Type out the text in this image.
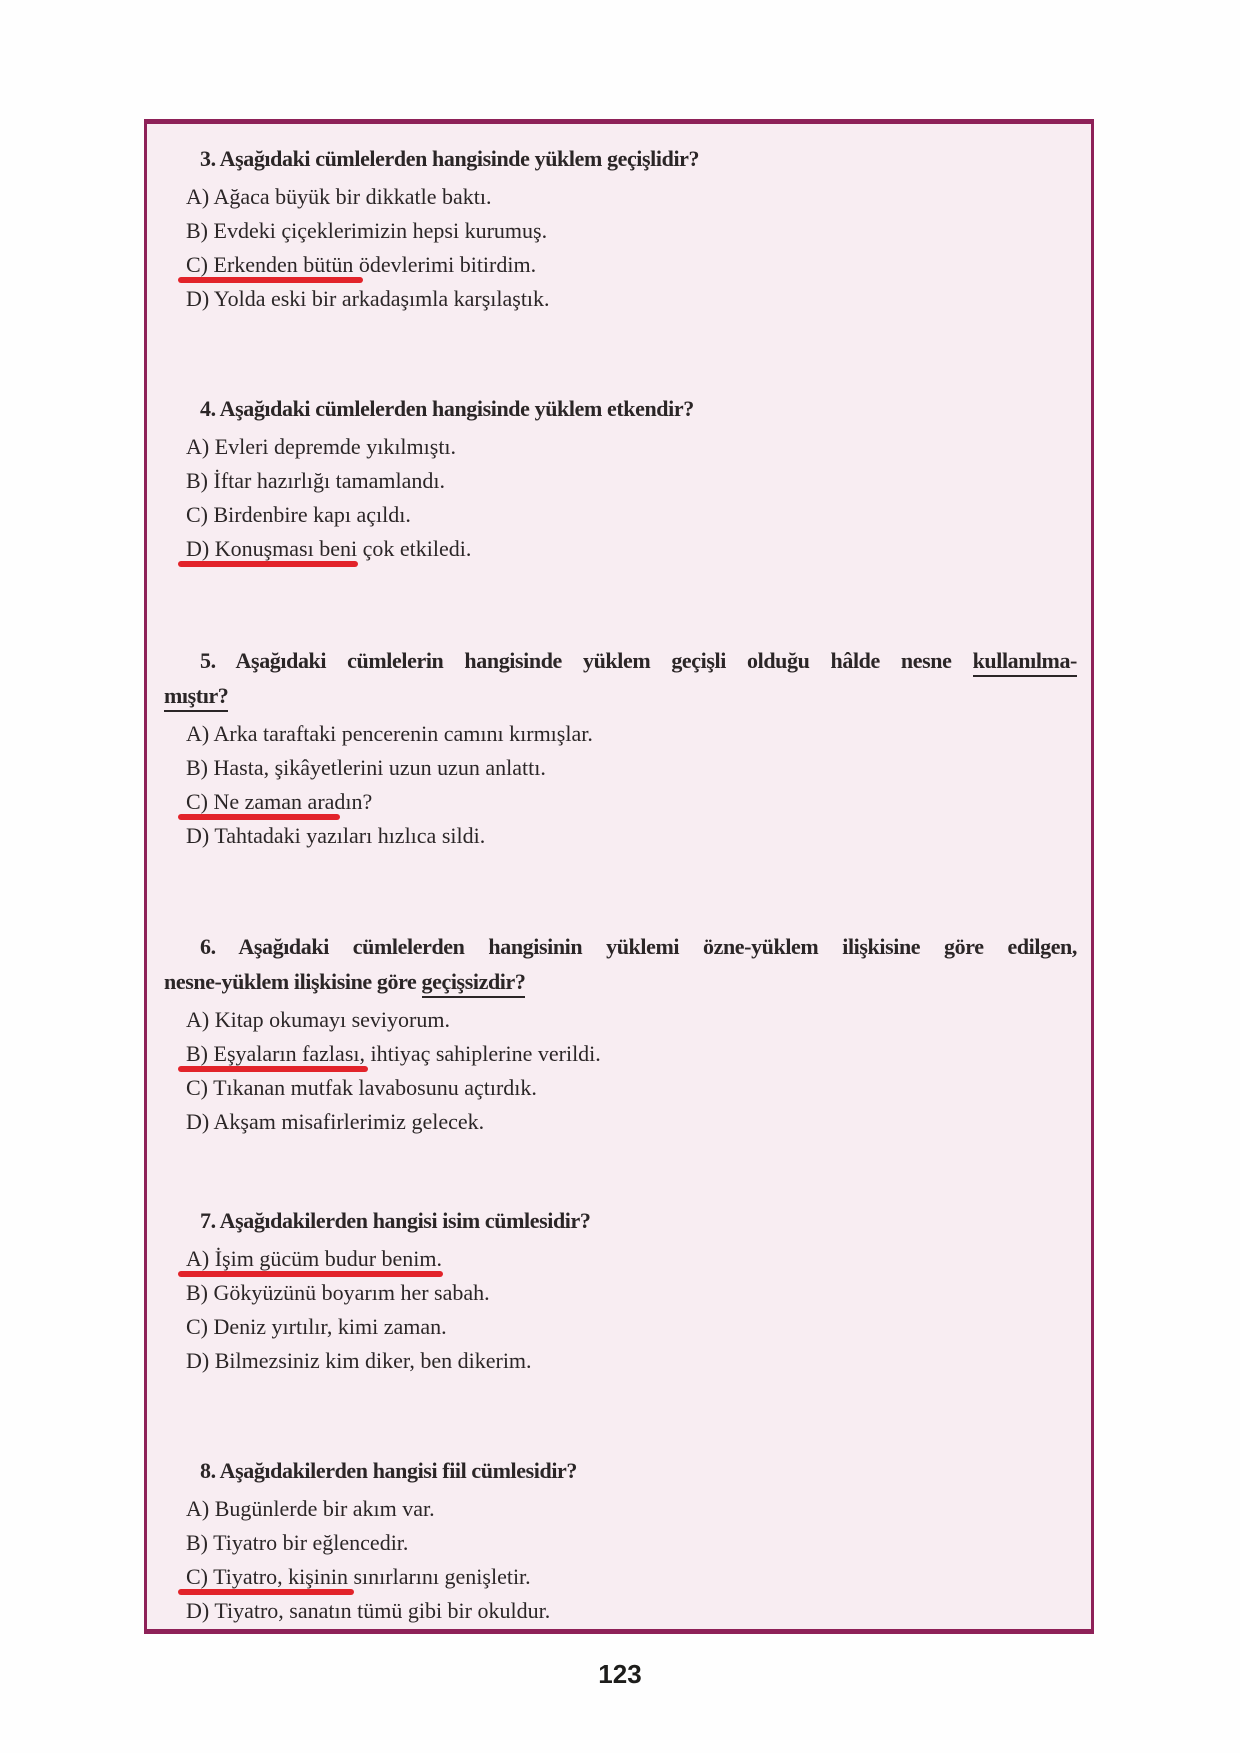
3. Aşağıdaki cümlelerden hangisinde yüklem geçişlidir?
A) Ağaca büyük bir dikkatle baktı.
B) Evdeki çiçeklerimizin hepsi kurumuş.
C) Erkenden bütün ödevlerimi bitirdim.
D) Yolda eski bir arkadaşımla karşılaştık.
4. Aşağıdaki cümlelerden hangisinde yüklem etkendir?
A) Evleri depremde yıkılmıştı.
B) İftar hazırlığı tamamlandı.
C) Birdenbire kapı açıldı.
D) Konuşması beni çok etkiledi.
5. Aşağıdaki cümlelerin hangisinde yüklem geçişli olduğu hâlde nesne kullanılma-
mıştır?
A) Arka taraftaki pencerenin camını kırmışlar.
B) Hasta, şikâyetlerini uzun uzun anlattı.
C) Ne zaman aradın?
D) Tahtadaki yazıları hızlıca sildi.
6. Aşağıdaki cümlelerden hangisinin yüklemi özne-yüklem ilişkisine göre edilgen,
nesne-yüklem ilişkisine göre geçişsizdir?
A) Kitap okumayı seviyorum.
B) Eşyaların fazlası, ihtiyaç sahiplerine verildi.
C) Tıkanan mutfak lavabosunu açtırdık.
D) Akşam misafirlerimiz gelecek.
7. Aşağıdakilerden hangisi isim cümlesidir?
A) İşim gücüm budur benim.
B) Gökyüzünü boyarım her sabah.
C) Deniz yırtılır, kimi zaman.
D) Bilmezsiniz kim diker, ben dikerim.
8. Aşağıdakilerden hangisi fiil cümlesidir?
A) Bugünlerde bir akım var.
B) Tiyatro bir eğlencedir.
C) Tiyatro, kişinin sınırlarını genişletir.
D) Tiyatro, sanatın tümü gibi bir okuldur.
123
